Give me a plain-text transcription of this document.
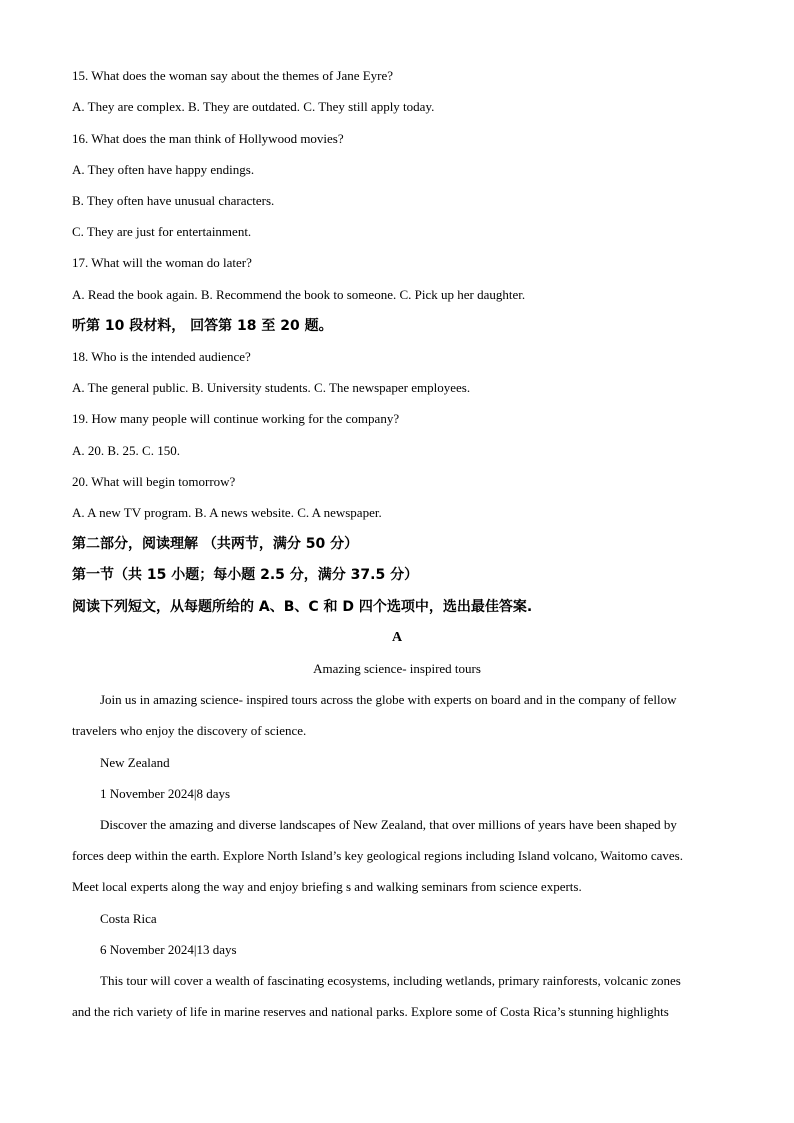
15. What does the woman say about the themes of Jane Eyre?
A. They are complex. B. They are outdated. C. They still apply today.
16. What does the man think of Hollywood movies?
A. They often have happy endings.
B. They often have unusual characters.
C. They are just for entertainment.
17. What will the woman do later?
A. Read the book again. B. Recommend the book to someone. C. Pick up her daughter.
听第 10 段材料， 回答第 18 至 20 题。
18. Who is the intended audience?
A. The general public. B. University students. C. The newspaper employees.
19. How many people will continue working for the company?
A. 20. B. 25. C. 150.
20. What will begin tomorrow?
A. A new TV program. B. A news website. C. A newspaper.
第二部分，阅读理解 （共两节，满分 50 分）
第一节（共 15 小题；每小题 2.5 分，满分 37.5 分）
阅读下列短文，从每题所给的 A、B、C 和 D 四个选项中，选出最佳答案.
A
Amazing science- inspired tours
Join us in amazing science- inspired tours across the globe with experts on board and in the company of fellow
travelers who enjoy the discovery of science.
New Zealand
1 November 2024|8 days
Discover the amazing and diverse landscapes of New Zealand, that over millions of years have been shaped by
forces deep within the earth. Explore North Island’s key geological regions including Island volcano, Waitomo caves.
Meet local experts along the way and enjoy briefing s and walking seminars from science experts.
Costa Rica
6 November 2024|13 days
This tour will cover a wealth of fascinating ecosystems, including wetlands, primary rainforests, volcanic zones
and the rich variety of life in marine reserves and national parks. Explore some of Costa Rica’s stunning highlights
